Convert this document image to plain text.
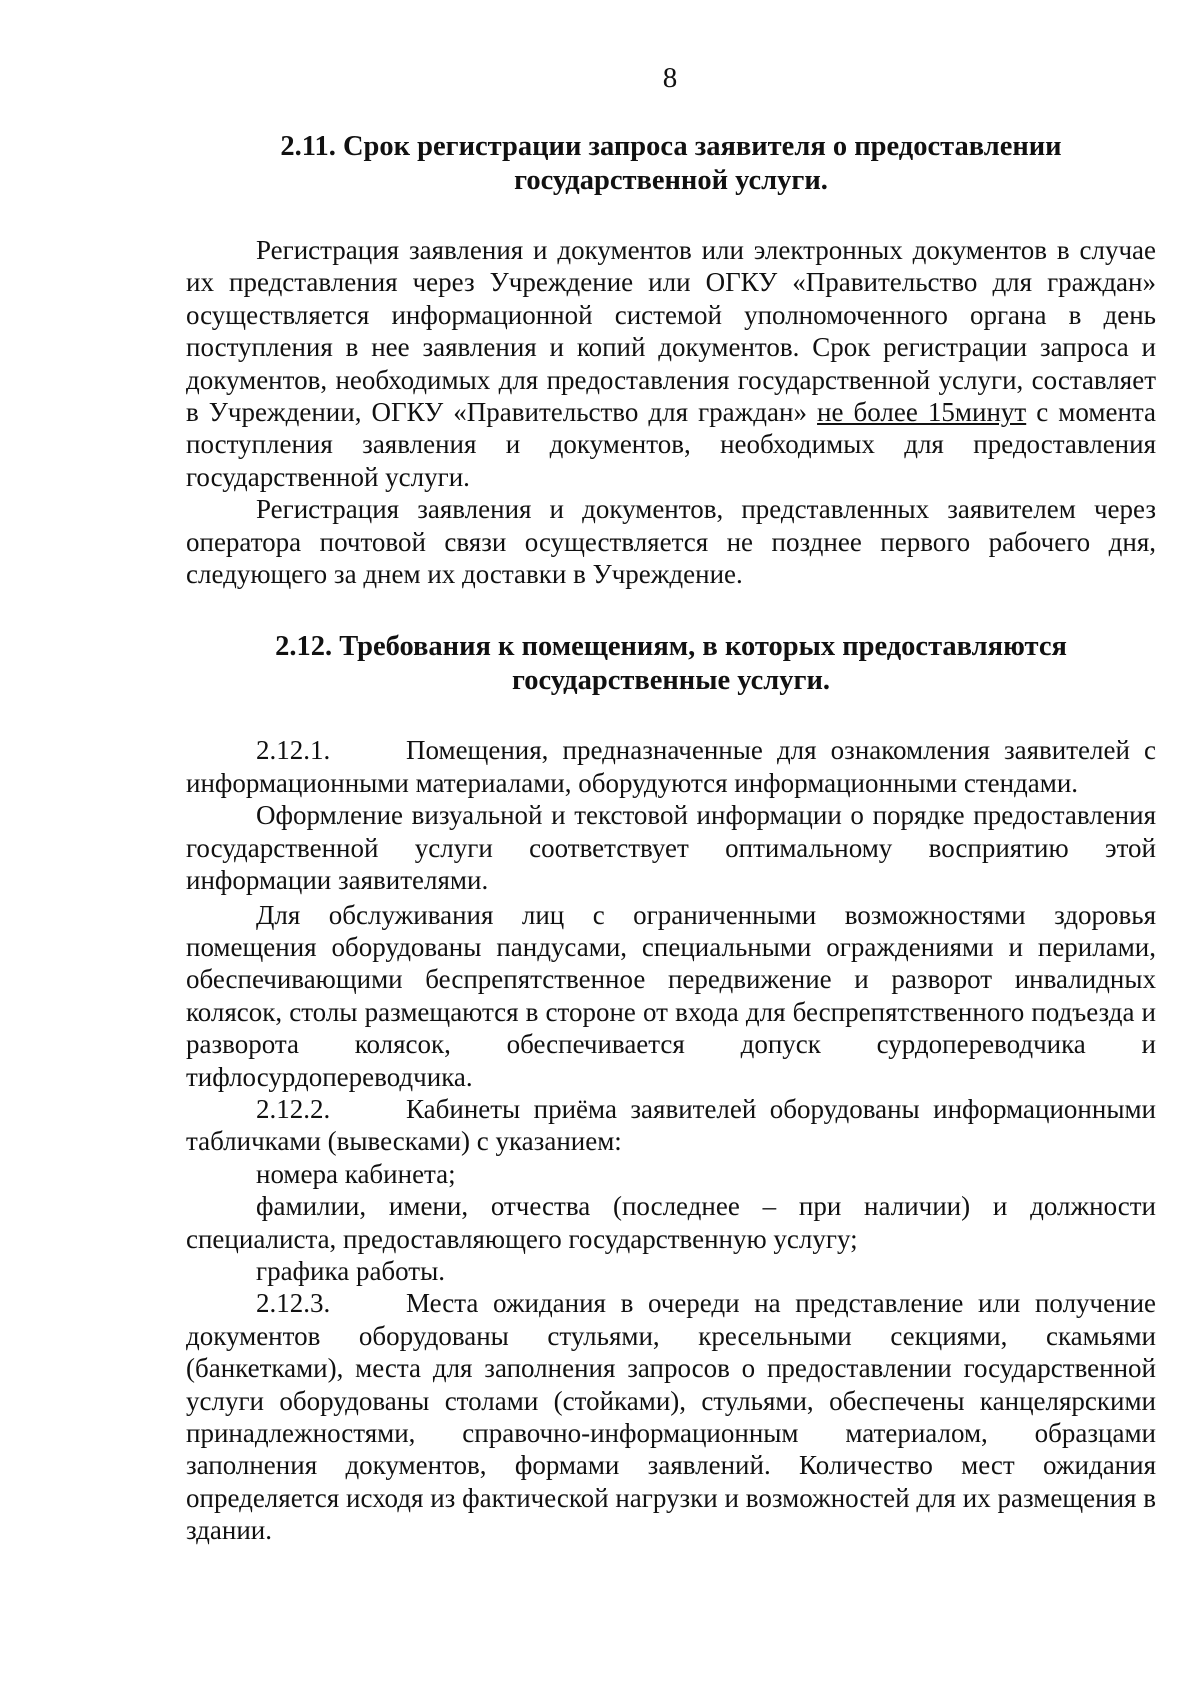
8
2.11. Срок регистрации запроса заявителя о предоставлении
государственной услуги.

Регистрация заявления и документов или электронных документов в случае их представления через Учреждение или ОГКУ «Правительство для граждан» осуществляется информационной системой уполномоченного органа в день поступления в нее заявления и копий документов. Срок регистрации запроса и документов, необходимых для предоставления государственной услуги, составляет в Учреждении, ОГКУ «Правительство для граждан» не более 15минут с момента поступления заявления и документов, необходимых для предоставления государственной услуги.

Регистрация заявления и документов, представленных заявителем через оператора почтовой связи осуществляется не позднее первого рабочего дня, следующего за днем их доставки в Учреждение.

2.12. Требования к помещениям, в которых предоставляются
государственные услуги.

2.12.1.	Помещения, предназначенные для ознакомления заявителей с информационными материалами, оборудуются информационными стендами.

Оформление визуальной и текстовой информации о порядке предоставления государственной услуги соответствует оптимальному восприятию этой информации заявителями.

Для обслуживания лиц с ограниченными возможностями здоровья помещения оборудованы пандусами, специальными ограждениями и перилами, обеспечивающими беспрепятственное передвижение и разворот инвалидных колясок, столы размещаются в стороне от входа для беспрепятственного подъезда и разворота колясок, обеспечивается допуск сурдопереводчика и тифлосурдопереводчика.

2.12.2.	Кабинеты приёма заявителей оборудованы информационными табличками (вывесками) с указанием:

номера кабинета;

фамилии, имени, отчества (последнее – при наличии) и должности специалиста, предоставляющего государственную услугу;

графика работы.

2.12.3.	Места ожидания в очереди на представление или получение документов оборудованы стульями, кресельными секциями, скамьями (банкетками), места для заполнения запросов о предоставлении государственной услуги оборудованы столами (стойками), стульями, обеспечены канцелярскими принадлежностями, справочно-информационным материалом, образцами заполнения документов, формами заявлений. Количество мест ожидания определяется исходя из фактической нагрузки и возможностей для их размещения в здании.
